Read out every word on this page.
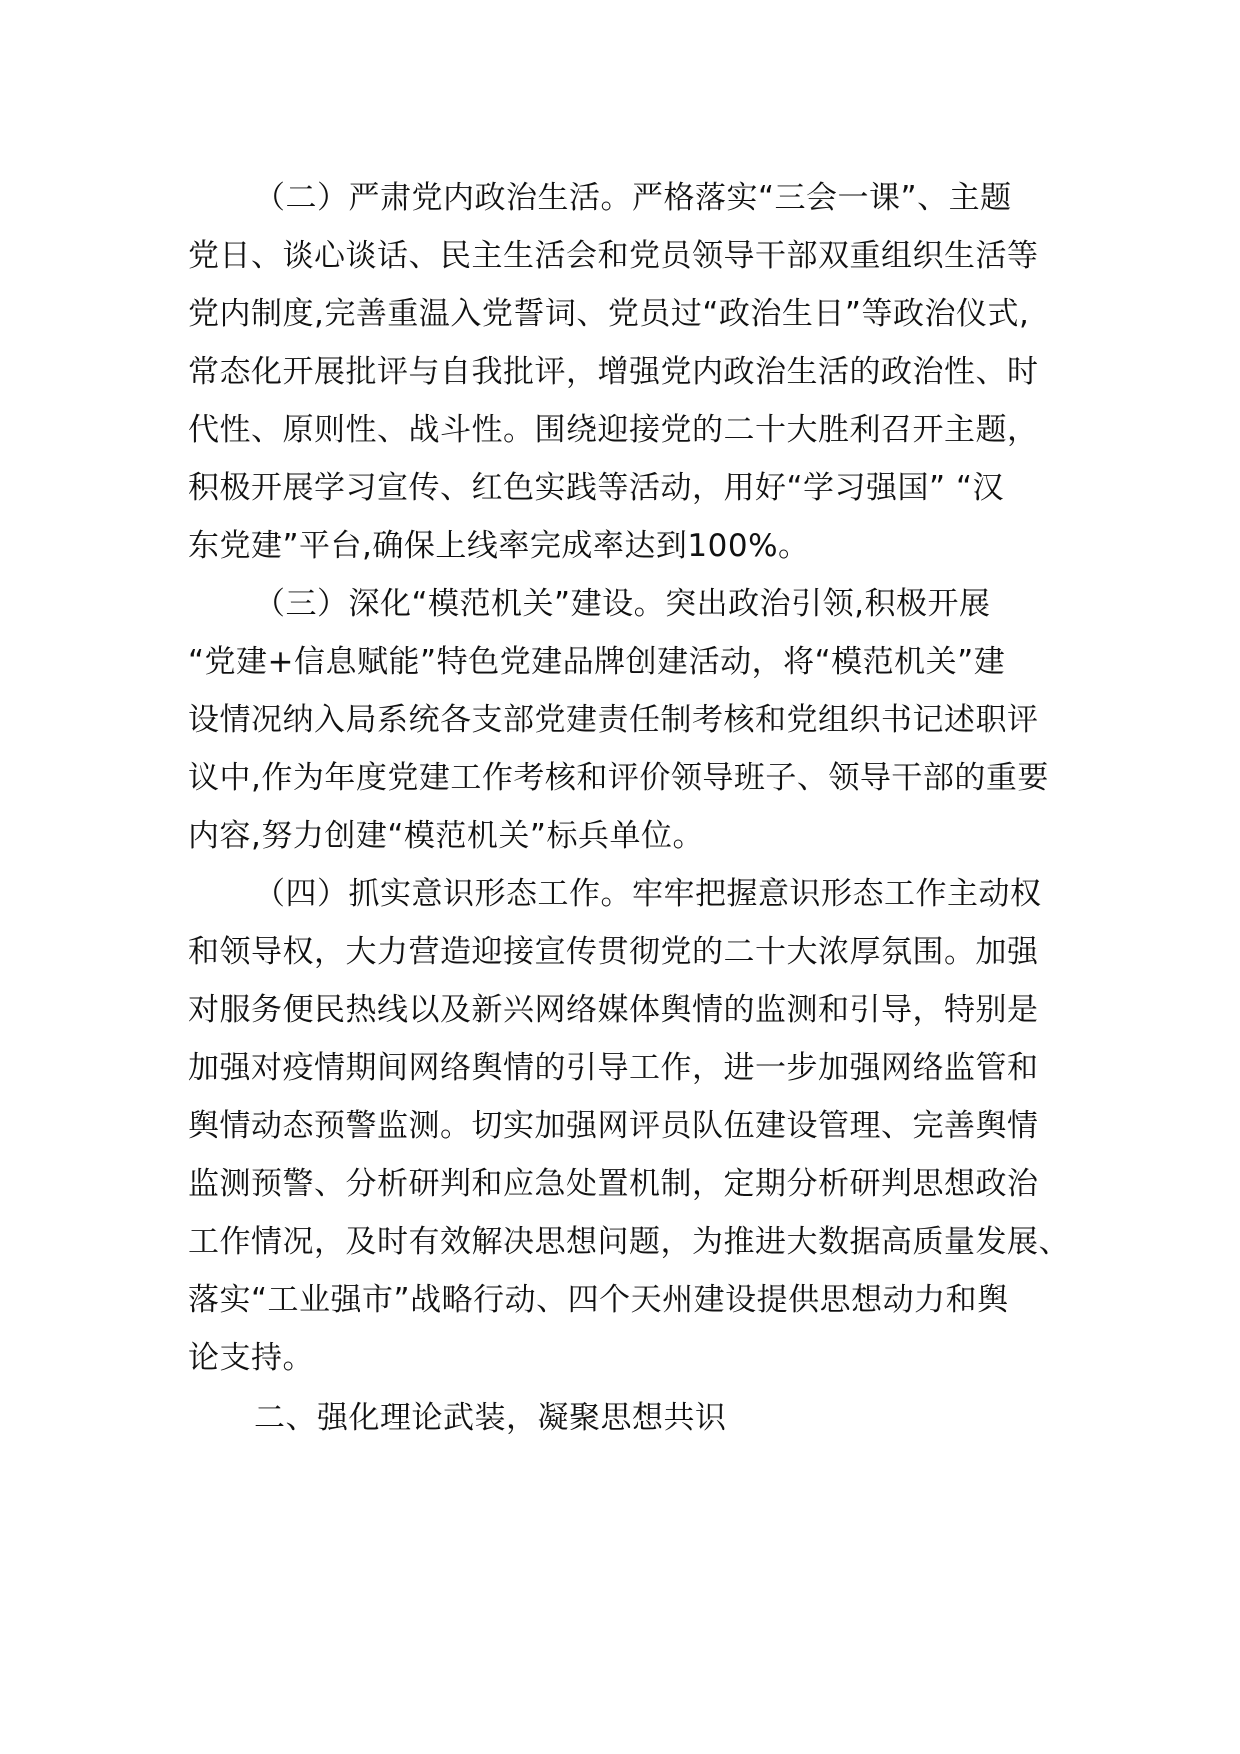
（二）严肃党内政治生活。严格落实“三会一课”、主题
党日、谈心谈话、民主生活会和党员领导干部双重组织生活等
党内制度,完善重温入党誓词、党员过“政治生日”等政治仪式,
常态化开展批评与自我批评，增强党内政治生活的政治性、时
代性、原则性、战斗性。围绕迎接党的二十大胜利召开主题，
积极开展学习宣传、红色实践等活动，用好“学习强国” “汉
东党建”平台,确保上线率完成率达到100%。
（三）深化“模范机关”建设。突出政治引领,积极开展
“党建+信息赋能”特色党建品牌创建活动，将“模范机关”建
设情况纳入局系统各支部党建责任制考核和党组织书记述职评
议中,作为年度党建工作考核和评价领导班子、领导干部的重要
内容,努力创建“模范机关”标兵单位。
（四）抓实意识形态工作。牢牢把握意识形态工作主动权
和领导权，大力营造迎接宣传贯彻党的二十大浓厚氛围。加强
对服务便民热线以及新兴网络媒体舆情的监测和引导，特别是
加强对疫情期间网络舆情的引导工作，进一步加强网络监管和
舆情动态预警监测。切实加强网评员队伍建设管理、完善舆情
监测预警、分析研判和应急处置机制，定期分析研判思想政治
工作情况，及时有效解决思想问题，为推进大数据高质量发展、
落实“工业强市”战略行动、四个天州建设提供思想动力和舆
论支持。
二、强化理论武装，凝聚思想共识
